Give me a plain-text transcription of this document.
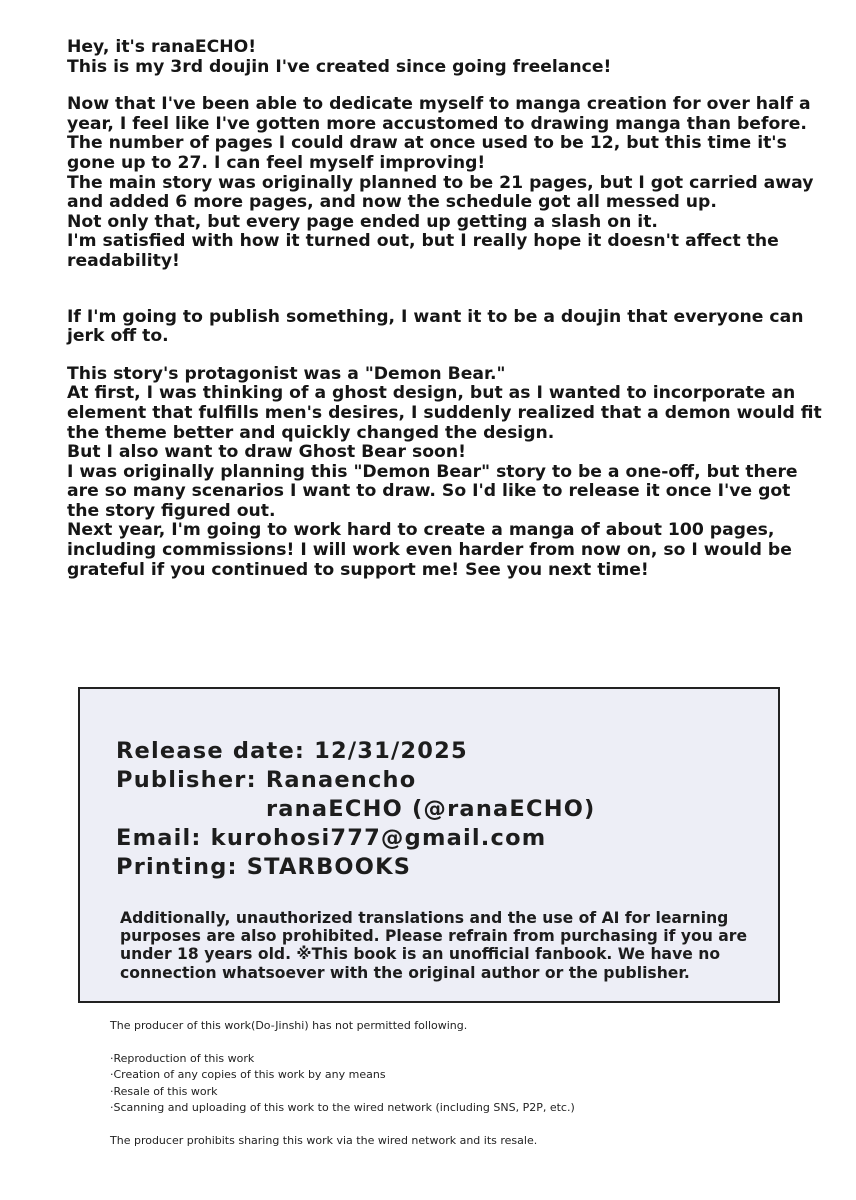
Hey, it's ranaECHO!

This is my 3rd doujin I've created since going freelance!

Now that I've been able to dedicate myself to manga creation for over half a year, I feel like I've gotten more accustomed to drawing manga than before.

The number of pages I could draw at once used to be 12, but this time it's gone up to 27. I can feel myself improving!

The main story was originally planned to be 21 pages, but I got carried away and added 6 more pages, and now the schedule got all messed up.

Not only that, but every page ended up getting a slash on it.

I'm satisfied with how it turned out, but I really hope it doesn't affect the readability!

If I'm going to publish something, I want it to be a doujin that everyone can jerk off to.

This story's protagonist was a "Demon Bear."

At first, I was thinking of a ghost design, but as I wanted to incorporate an element that fulfills men's desires, I suddenly realized that a demon would fit the theme better and quickly changed the design.

But I also want to draw Ghost Bear soon!

I was originally planning this "Demon Bear" story to be a one-off, but there are so many scenarios I want to draw. So I'd like to release it once I've got the story figured out.

Next year, I'm going to work hard to create a manga of about 100 pages, including commissions! I will work even harder from now on, so I would be grateful if you continued to support me! See you next time!

Release date: 12/31/2025
Publisher: Ranaencho
ranaECHO (@ranaECHO)
Email: kurohosi777@gmail.com
Printing: STARBOOKS
Additionally, unauthorized translations and the use of AI for learning purposes are also prohibited. Please refrain from purchasing if you are under 18 years old. ※This book is an unofficial fanbook. We have no connection whatsoever with the original author or the publisher.

The producer of this work(Do-Jinshi) has not permitted following.

·Reproduction of this work
·Creation of any copies of this work by any means
·Resale of this work
·Scanning and uploading of this work to the wired network (including SNS, P2P, etc.)

The producer prohibits sharing this work via the wired network and its resale.
